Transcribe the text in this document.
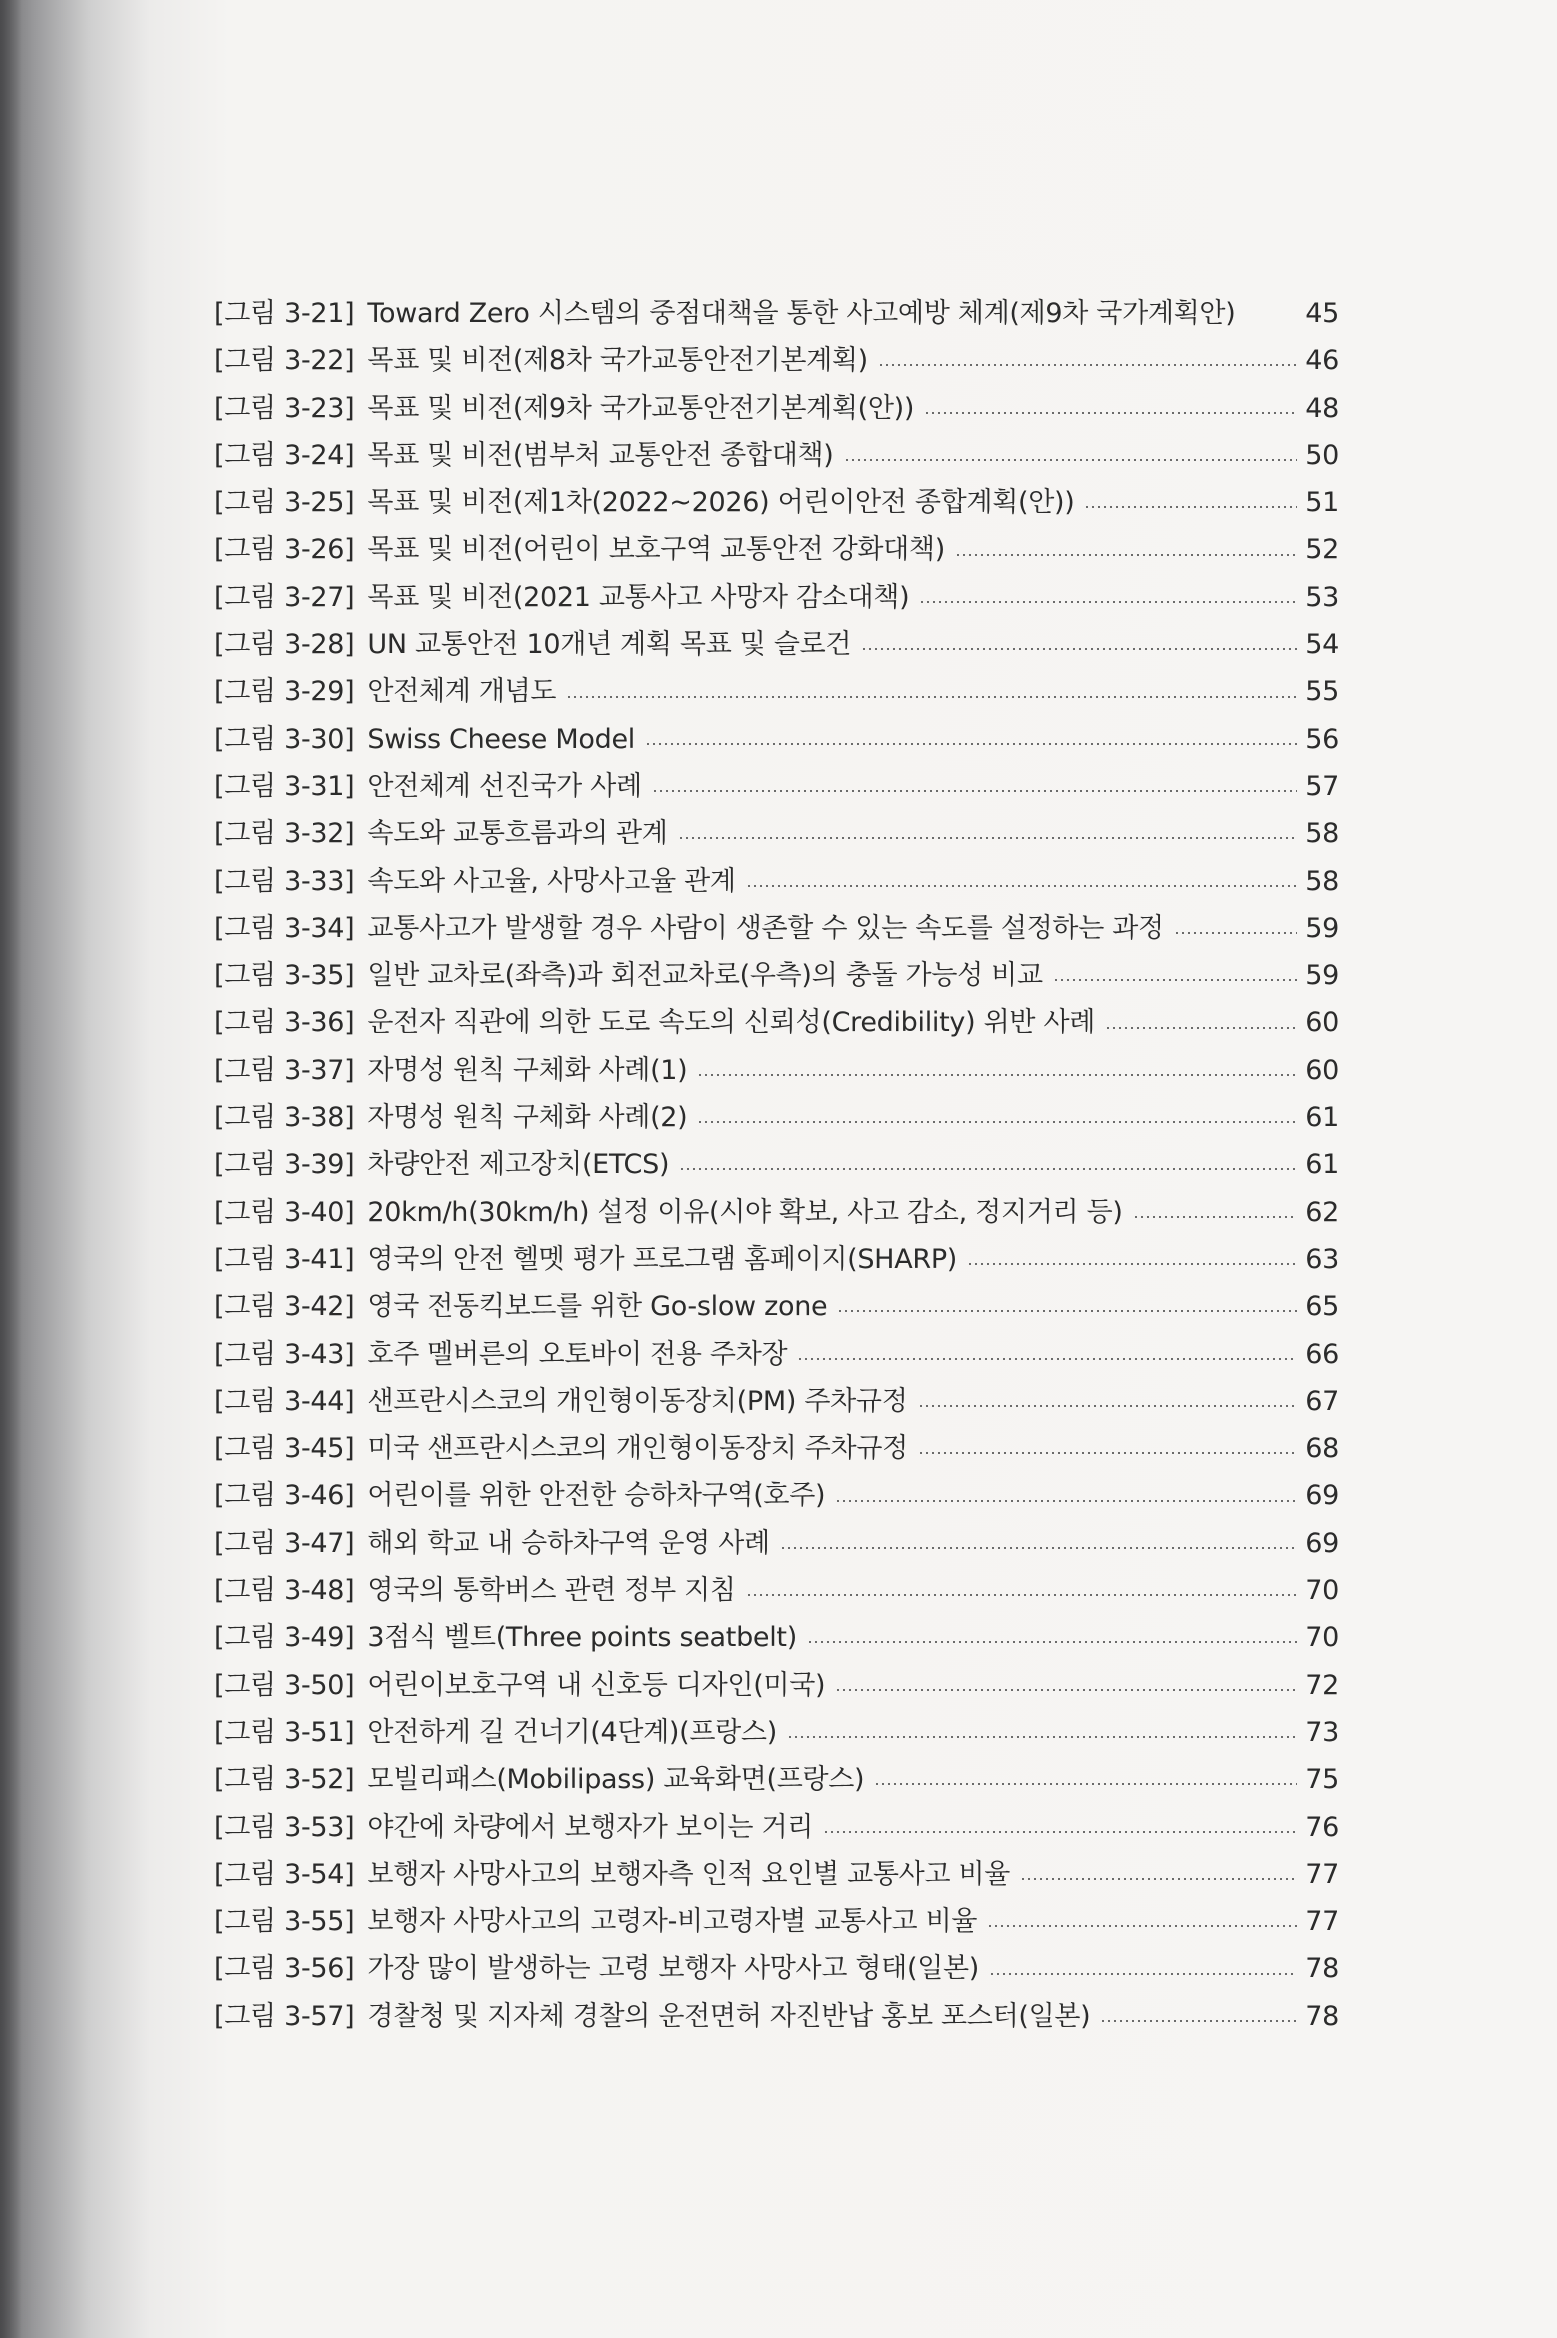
[그림 3-21] Toward Zero 시스템의 중점대책을 통한 사고예방 체계(제9차 국가계획안)	45
[그림 3-22] 목표 및 비전(제8차 국가교통안전기본계획)	46
[그림 3-23] 목표 및 비전(제9차 국가교통안전기본계획(안))	48
[그림 3-24] 목표 및 비전(범부처 교통안전 종합대책)	50
[그림 3-25] 목표 및 비전(제1차(2022~2026) 어린이안전 종합계획(안))	51
[그림 3-26] 목표 및 비전(어린이 보호구역 교통안전 강화대책)	52
[그림 3-27] 목표 및 비전(2021 교통사고 사망자 감소대책)	53
[그림 3-28] UN 교통안전 10개년 계획 목표 및 슬로건	54
[그림 3-29] 안전체계 개념도	55
[그림 3-30] Swiss Cheese Model	56
[그림 3-31] 안전체계 선진국가 사례	57
[그림 3-32] 속도와 교통흐름과의 관계	58
[그림 3-33] 속도와 사고율, 사망사고율 관계	58
[그림 3-34] 교통사고가 발생할 경우 사람이 생존할 수 있는 속도를 설정하는 과정	59
[그림 3-35] 일반 교차로(좌측)과 회전교차로(우측)의 충돌 가능성 비교	59
[그림 3-36] 운전자 직관에 의한 도로 속도의 신뢰성(Credibility) 위반 사례	60
[그림 3-37] 자명성 원칙 구체화 사례(1)	60
[그림 3-38] 자명성 원칙 구체화 사례(2)	61
[그림 3-39] 차량안전 제고장치(ETCS)	61
[그림 3-40] 20km/h(30km/h) 설정 이유(시야 확보, 사고 감소, 정지거리 등)	62
[그림 3-41] 영국의 안전 헬멧 평가 프로그램 홈페이지(SHARP)	63
[그림 3-42] 영국 전동킥보드를 위한 Go-slow zone	65
[그림 3-43] 호주 멜버른의 오토바이 전용 주차장	66
[그림 3-44] 샌프란시스코의 개인형이동장치(PM) 주차규정	67
[그림 3-45] 미국 샌프란시스코의 개인형이동장치 주차규정	68
[그림 3-46] 어린이를 위한 안전한 승하차구역(호주)	69
[그림 3-47] 해외 학교 내 승하차구역 운영 사례	69
[그림 3-48] 영국의 통학버스 관련 정부 지침	70
[그림 3-49] 3점식 벨트(Three points seatbelt)	70
[그림 3-50] 어린이보호구역 내 신호등 디자인(미국)	72
[그림 3-51] 안전하게 길 건너기(4단계)(프랑스)	73
[그림 3-52] 모빌리패스(Mobilipass) 교육화면(프랑스)	75
[그림 3-53] 야간에 차량에서 보행자가 보이는 거리	76
[그림 3-54] 보행자 사망사고의 보행자측 인적 요인별 교통사고 비율	77
[그림 3-55] 보행자 사망사고의 고령자-비고령자별 교통사고 비율	77
[그림 3-56] 가장 많이 발생하는 고령 보행자 사망사고 형태(일본)	78
[그림 3-57] 경찰청 및 지자체 경찰의 운전면허 자진반납 홍보 포스터(일본)	78
